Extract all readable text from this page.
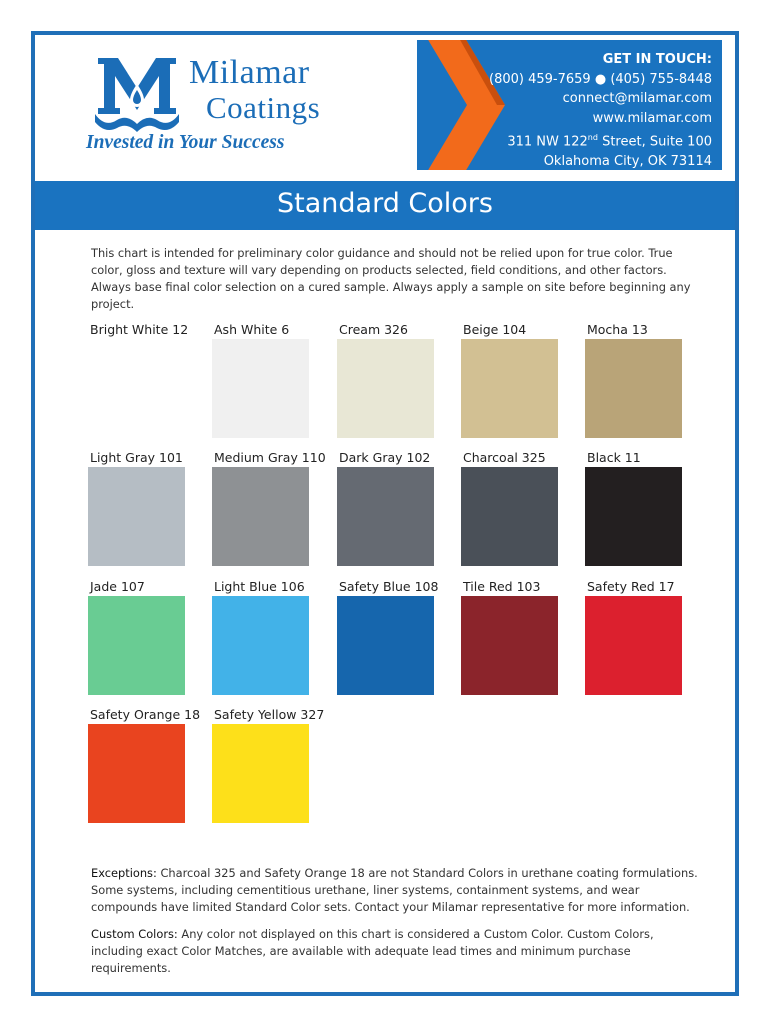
Milamar
Coatings
Invested in Your Success
GET IN TOUCH:
(800) 459-7659 ● (405) 755-8448
connect@milamar.com
www.milamar.com
311 NW 122nd Street, Suite 100
Oklahoma City, OK 73114
Standard Colors
This chart is intended for preliminary color guidance and should not be relied upon for true color. True color, gloss and texture will vary depending on products selected, field conditions, and other factors. Always base final color selection on a cured sample. Always apply a sample on site before beginning any project.
Bright White 12 Ash White 6	Cream 326	Beige 104	Mocha 13
Light Gray 101	Medium Gray 110 Dark Gray 102	Charcoal 325	Black 11
Jade 107	Light Blue 106	Safety Blue 108 Tile Red 103	Safety Red 17
Safety Orange 18 Safety Yellow 327

Exceptions: Charcoal 325 and Safety Orange 18 are not Standard Colors in urethane coating formulations. Some systems, including cementitious urethane, liner systems, containment systems, and wear compounds have limited Standard Color sets. Contact your Milamar representative for more information.

Custom Colors: Any color not displayed on this chart is considered a Custom Color. Custom Colors, including exact Color Matches, are available with adequate lead times and minimum purchase requirements.
